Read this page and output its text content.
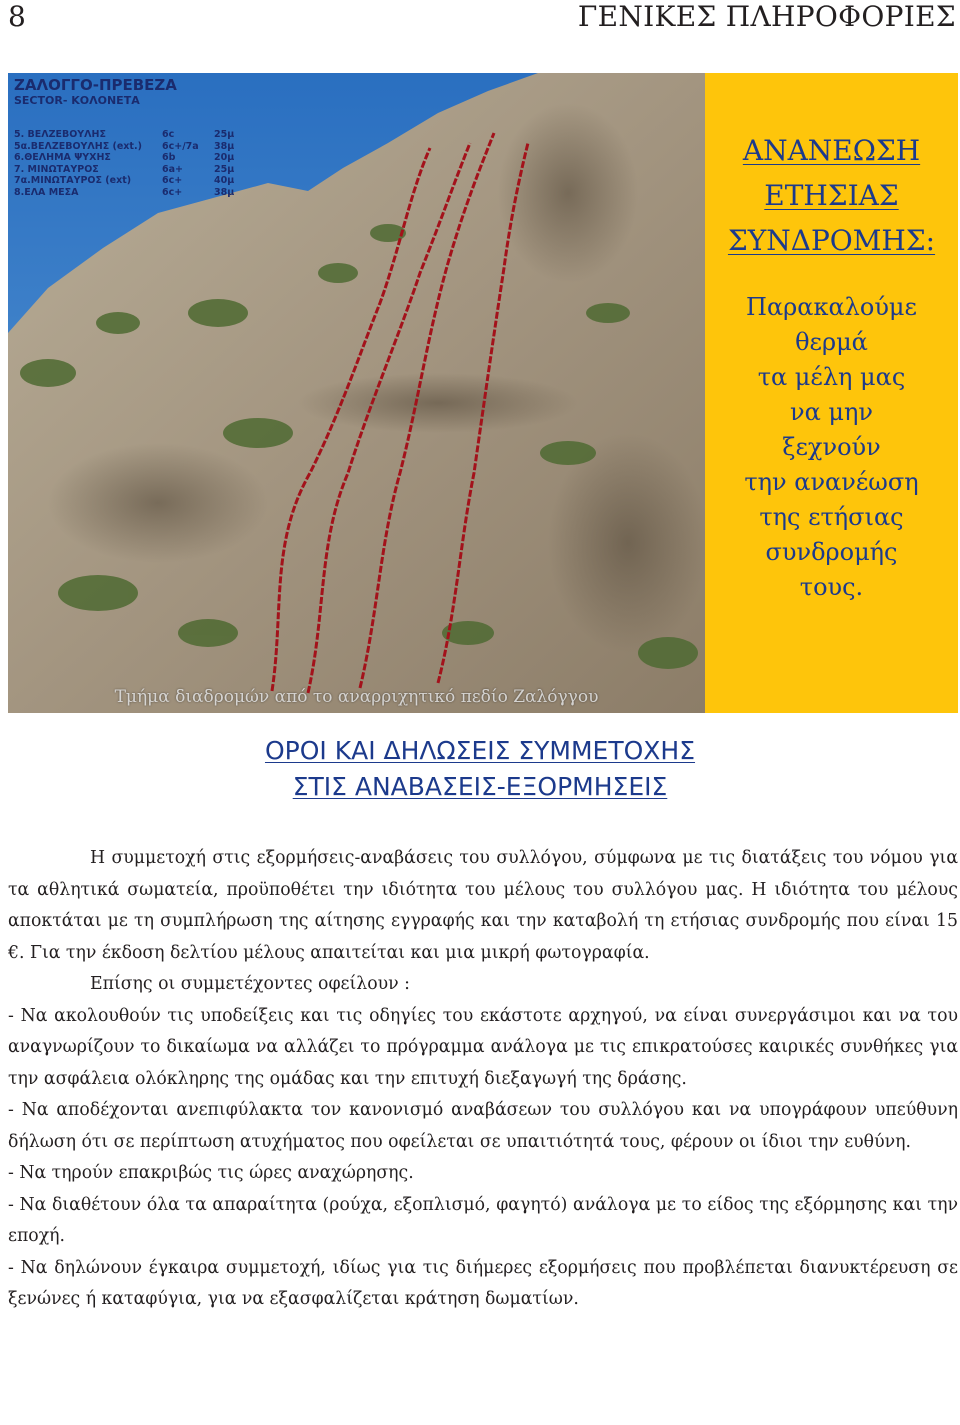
8	ΓΕΝΙΚΕΣ ΠΛΗΡΟΦΟΡΙΕΣ
ΖΑΛΟΓΓΟ-ΠΡΕΒΕΖΑ
SECTOR- ΚΟΛΟΝΕΤΑ
5. ΒΕΛΖΕΒΟΥΛΗΣ	6c	25μ
5α.ΒΕΛΖΕΒΟΥΛΗΣ (ext.)	6c+/7a	38μ
6.ΘΕΛΗΜΑ ΨΥΧΗΣ	6b	20μ
7. ΜΙΝΩΤΑΥΡΟΣ	6a+	25μ
7α.ΜΙΝΩΤΑΥΡΟΣ (ext)	6c+	40μ
8.ΕΛΑ ΜΕΣΑ	6c+	38μ
Τμήμα διαδρομών από το αναρριχητικό πεδίο Ζαλόγγου
ΑΝΑΝΕΩΣΗ
ΕΤΗΣΙΑΣ
ΣΥΝΔΡΟΜΗΣ:
Παρακαλούμε
θερμά
τα μέλη μας
να μην
ξεχνούν
την ανανέωση
της ετήσιας
συνδρομής
τους.
ΟΡΟΙ ΚΑΙ ΔΗΛΩΣΕΙΣ ΣΥΜΜΕΤΟΧΗΣ
ΣΤΙΣ ΑΝΑΒΑΣΕΙΣ-ΕΞΟΡΜΗΣΕΙΣ

Η συμμετοχή στις εξορμήσεις-αναβάσεις του συλλόγου, σύμφωνα με τις διατάξεις του νόμου για τα αθλητικά σωματεία, προϋποθέτει την ιδιότητα του μέλους του συλλόγου μας. Η ιδιότητα του μέλους αποκτάται με τη συμπλήρωση της αίτησης εγγραφής και την καταβολή τη ετήσιας συνδρομής που είναι 15 €. Για την έκδοση δελτίου μέλους απαιτείται και μια μικρή φωτογραφία.

Επίσης οι συμμετέχοντες οφείλουν :

- Να ακολουθούν τις υποδείξεις και τις οδηγίες του εκάστοτε αρχηγού, να είναι συνεργάσιμοι και να του αναγνωρίζουν το δικαίωμα να αλλάζει το πρόγραμμα ανάλογα με τις επικρατούσες καιρικές συνθήκες για την ασφάλεια ολόκληρης της ομάδας και την επιτυχή διεξαγωγή της δράσης.

- Να αποδέχονται ανεπιφύλακτα τον κανονισμό αναβάσεων του συλλόγου και να υπογράφουν υπεύθυνη δήλωση ότι σε περίπτωση ατυχήματος που οφείλεται σε υπαιτιότητά τους, φέρουν οι ίδιοι την ευθύνη.

- Να τηρούν επακριβώς τις ώρες αναχώρησης.

- Να διαθέτουν όλα τα απαραίτητα (ρούχα, εξοπλισμό, φαγητό) ανάλογα με το είδος της εξόρμησης και την εποχή.

- Να δηλώνουν έγκαιρα συμμετοχή, ιδίως για τις διήμερες εξορμήσεις που προβλέπεται διανυκτέρευση σε ξενώνες ή καταφύγια, για να εξασφαλίζεται κράτηση δωματίων.
